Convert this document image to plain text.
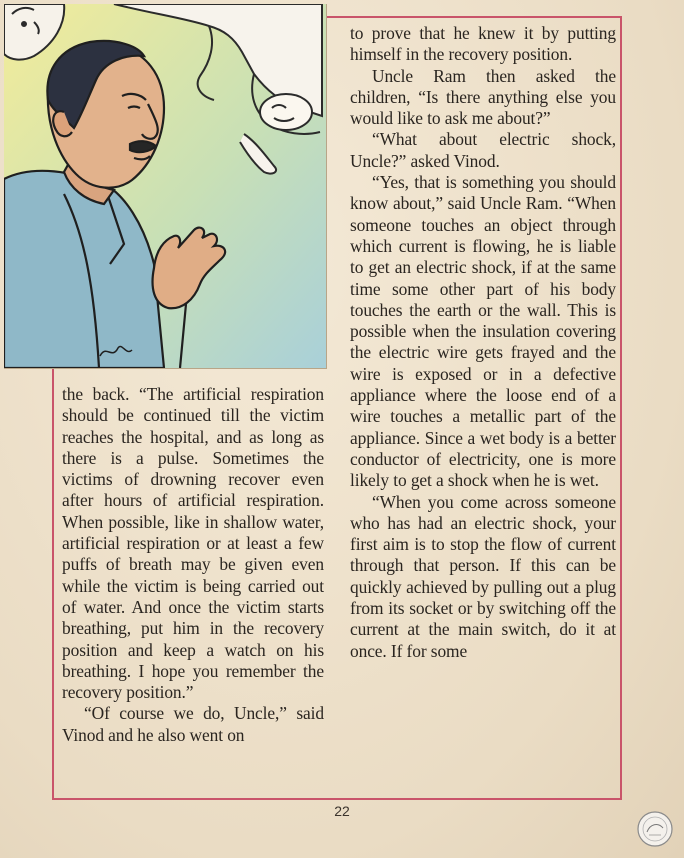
the back. “The artificial respiration should be continued till the victim reaches the hospital, and as long as there is a pulse. Sometimes the victims of drowning recover even after hours of artificial respiration. When possible, like in shallow water, artificial respiration or at least a few puffs of breath may be given even while the victim is being carried out of water. And once the victim starts breathing, put him in the recovery position and keep a watch on his breathing. I hope you remember the recovery position.”

“Of course we do, Uncle,” said Vinod and he also went on

to prove that he knew it by putting himself in the recovery position.

Uncle Ram then asked the children, “Is there anything else you would like to ask me about?”

“What about electric shock, Uncle?” asked Vinod.

“Yes, that is something you should know about,” said Uncle Ram. “When someone touches an object through which current is flowing, he is liable to get an electric shock, if at the same time some other part of his body touches the earth or the wall. This is possible when the insulation covering the electric wire gets frayed and the wire is exposed or in a defective appliance where the loose end of a wire touches a metallic part of the appliance. Since a wet body is a better conductor of electricity, one is more likely to get a shock when he is wet.

“When you come across someone who has had an electric shock, your first aim is to stop the flow of current through that person. If this can be quickly achieved by pulling out a plug from its socket or by switching off the current at the main switch, do it at once. If for some

22
